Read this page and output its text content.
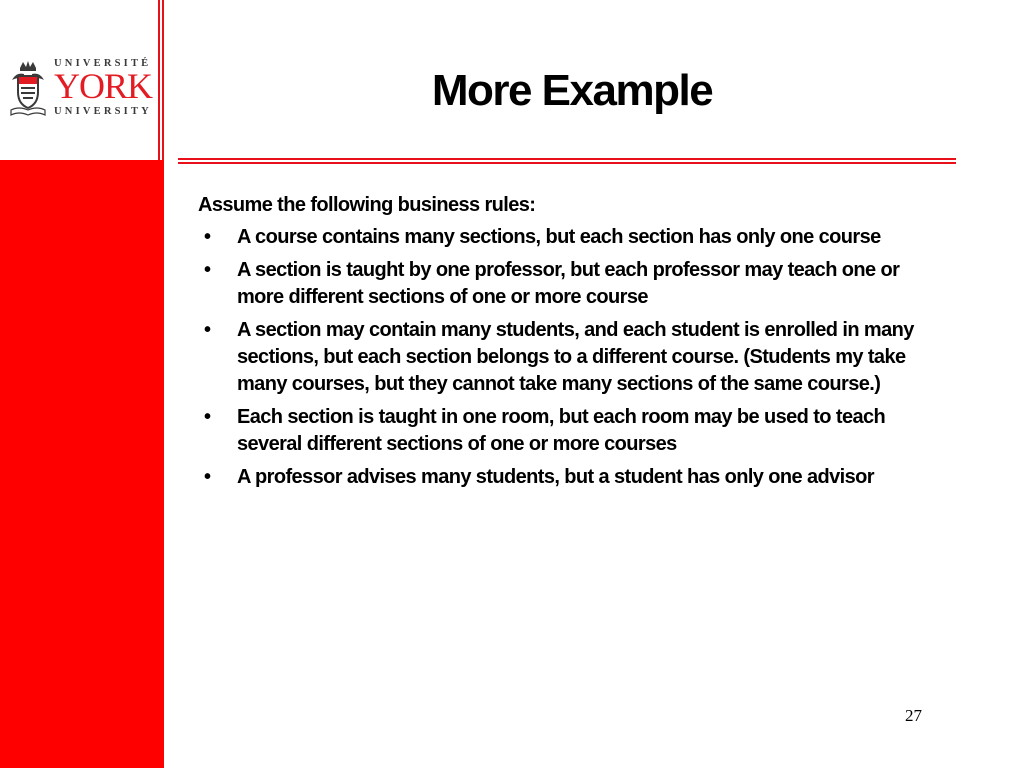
UNIVERSITÉ
YORK
UNIVERSITY	More Example

Assume the following business rules:

• A course contains many sections, but each section has only one course
• A section is taught by one professor, but each professor may teach one or more different sections of one or more course
• A section may contain many students, and each student is enrolled in many sections, but each section belongs to a different course. (Students my take many courses, but they cannot take many sections of the same course.)
• Each section is taught in one room, but each room may be used to teach several different sections of one or more courses
• A professor advises many students, but a student has only one advisor
27
